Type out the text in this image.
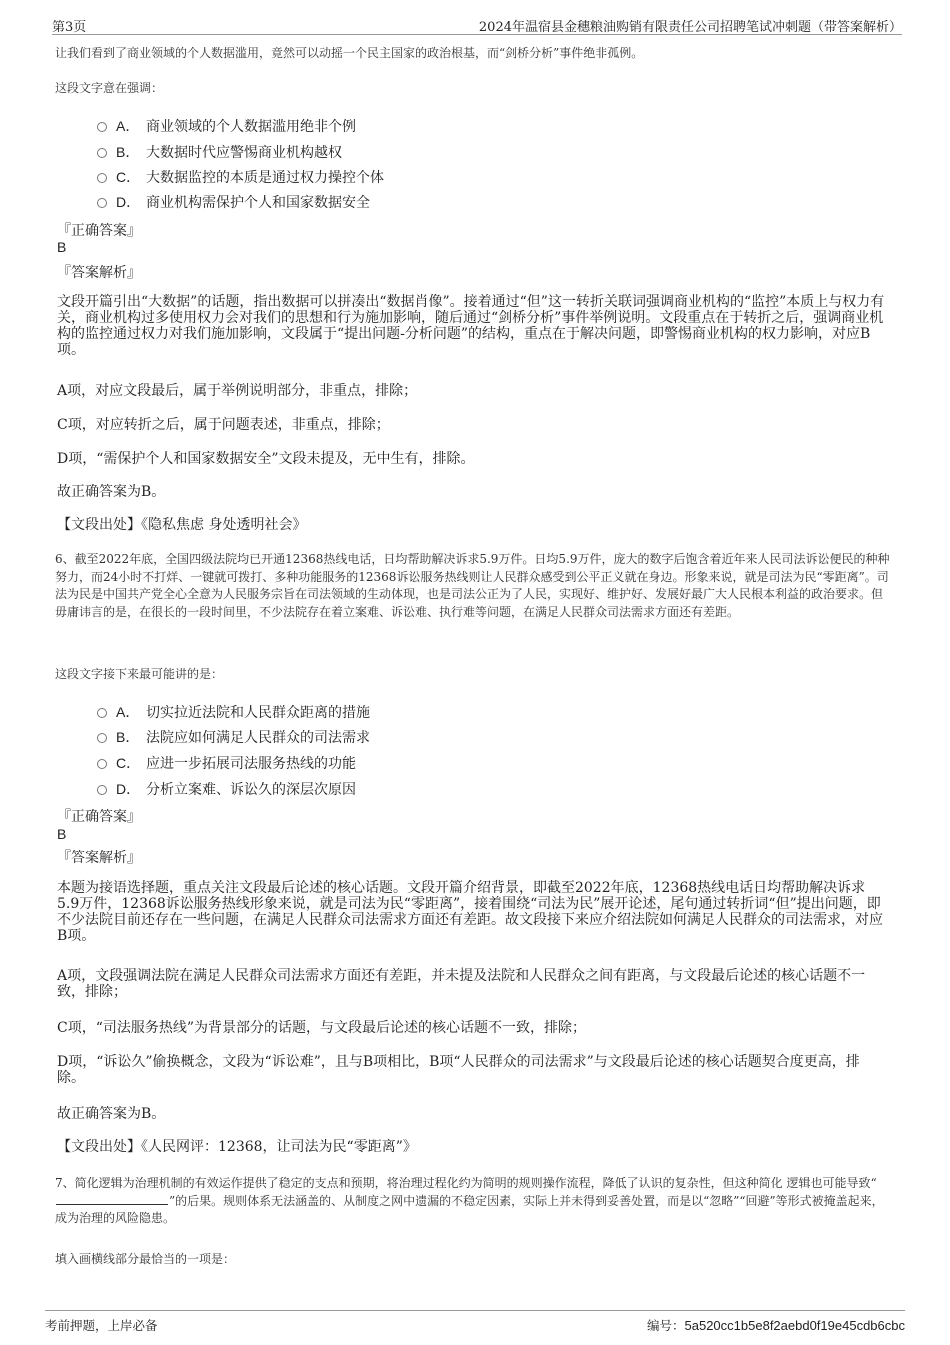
第3页	2024年温宿县金穗粮油购销有限责任公司招聘笔试冲刺题（带答案解析）
让我们看到了商业领域的个人数据滥用，竟然可以动摇一个民主国家的政治根基，而“剑桥分析”事件绝非孤例。
这段文字意在强调：
A． 商业领域的个人数据滥用绝非个例
B． 大数据时代应警惕商业机构越权
C． 大数据监控的本质是通过权力操控个体
D． 商业机构需保护个人和国家数据安全
『正确答案』
B
『答案解析』
文段开篇引出“大数据”的话题，指出数据可以拼凑出“数据肖像”。接着通过“但”这一转折关联词强调商业机构的“监控”本质上与权力有关，商业机构过多使用权力会对我们的思想和行为施加影响，随后通过“剑桥分析”事件举例说明。文段重点在于转折之后，强调商业机构的监控通过权力对我们施加影响，文段属于“提出问题-分析问题”的结构，重点在于解决问题，即警惕商业机构的权力影响，对应B项。
A项，对应文段最后，属于举例说明部分，非重点，排除；
C项，对应转折之后，属于问题表述，非重点，排除；
D项，“需保护个人和国家数据安全”文段未提及，无中生有，排除。
故正确答案为B。
【文段出处】《隐私焦虑 身处透明社会》
6、截至2022年底，全国四级法院均已开通12368热线电话，日均帮助解决诉求5.9万件。日均5.9万件，庞大的数字后饱含着近年来人民司法诉讼便民的种种努力，而24小时不打烊、一键就可拨打、多种功能服务的12368诉讼服务热线则让人民群众感受到公平正义就在身边。形象来说，就是司法为民“零距离”。司法为民是中国共产党全心全意为人民服务宗旨在司法领域的生动体现，也是司法公正为了人民，实现好、维护好、发展好最广大人民根本利益的政治要求。但毋庸讳言的是，在很长的一段时间里，不少法院存在着立案难、诉讼难、执行难等问题，在满足人民群众司法需求方面还有差距。
这段文字接下来最可能讲的是：
A． 切实拉近法院和人民群众距离的措施
B． 法院应如何满足人民群众的司法需求
C． 应进一步拓展司法服务热线的功能
D． 分析立案难、诉讼久的深层次原因
『正确答案』
B
『答案解析』
本题为接语选择题，重点关注文段最后论述的核心话题。文段开篇介绍背景，即截至2022年底，12368热线电话日均帮助解决诉求5.9万件，12368诉讼服务热线形象来说，就是司法为民“零距离”，接着围绕“司法为民”展开论述，尾句通过转折词“但”提出问题，即不少法院目前还存在一些问题，在满足人民群众司法需求方面还有差距。故文段接下来应介绍法院如何满足人民群众的司法需求，对应B项。
A项，文段强调法院在满足人民群众司法需求方面还有差距，并未提及法院和人民群众之间有距离，与文段最后论述的核心话题不一致，排除；
C项，“司法服务热线”为背景部分的话题，与文段最后论述的核心话题不一致，排除；
D项，“诉讼久”偷换概念，文段为“诉讼难”，且与B项相比，B项“人民群众的司法需求”与文段最后论述的核心话题契合度更高，排除。
故正确答案为B。
【文段出处】《人民网评：12368，让司法为民“零距离”》
7、简化逻辑为治理机制的有效运作提供了稳定的支点和预期，将治理过程化约为简明的规则操作流程，降低了认识的复杂性，但这种简化 逻辑也可能导致“”的后果。规则体系无法涵盖的、从制度之网中遗漏的不稳定因素，实际上并未得到妥善处置，而是以“忽略”“回避”等形式被掩盖起来，成为治理的风险隐患。
填入画横线部分最恰当的一项是：
考前押题，上岸必备	编号：5a520cc1b5e8f2aebd0f19e45cdb6cbc
